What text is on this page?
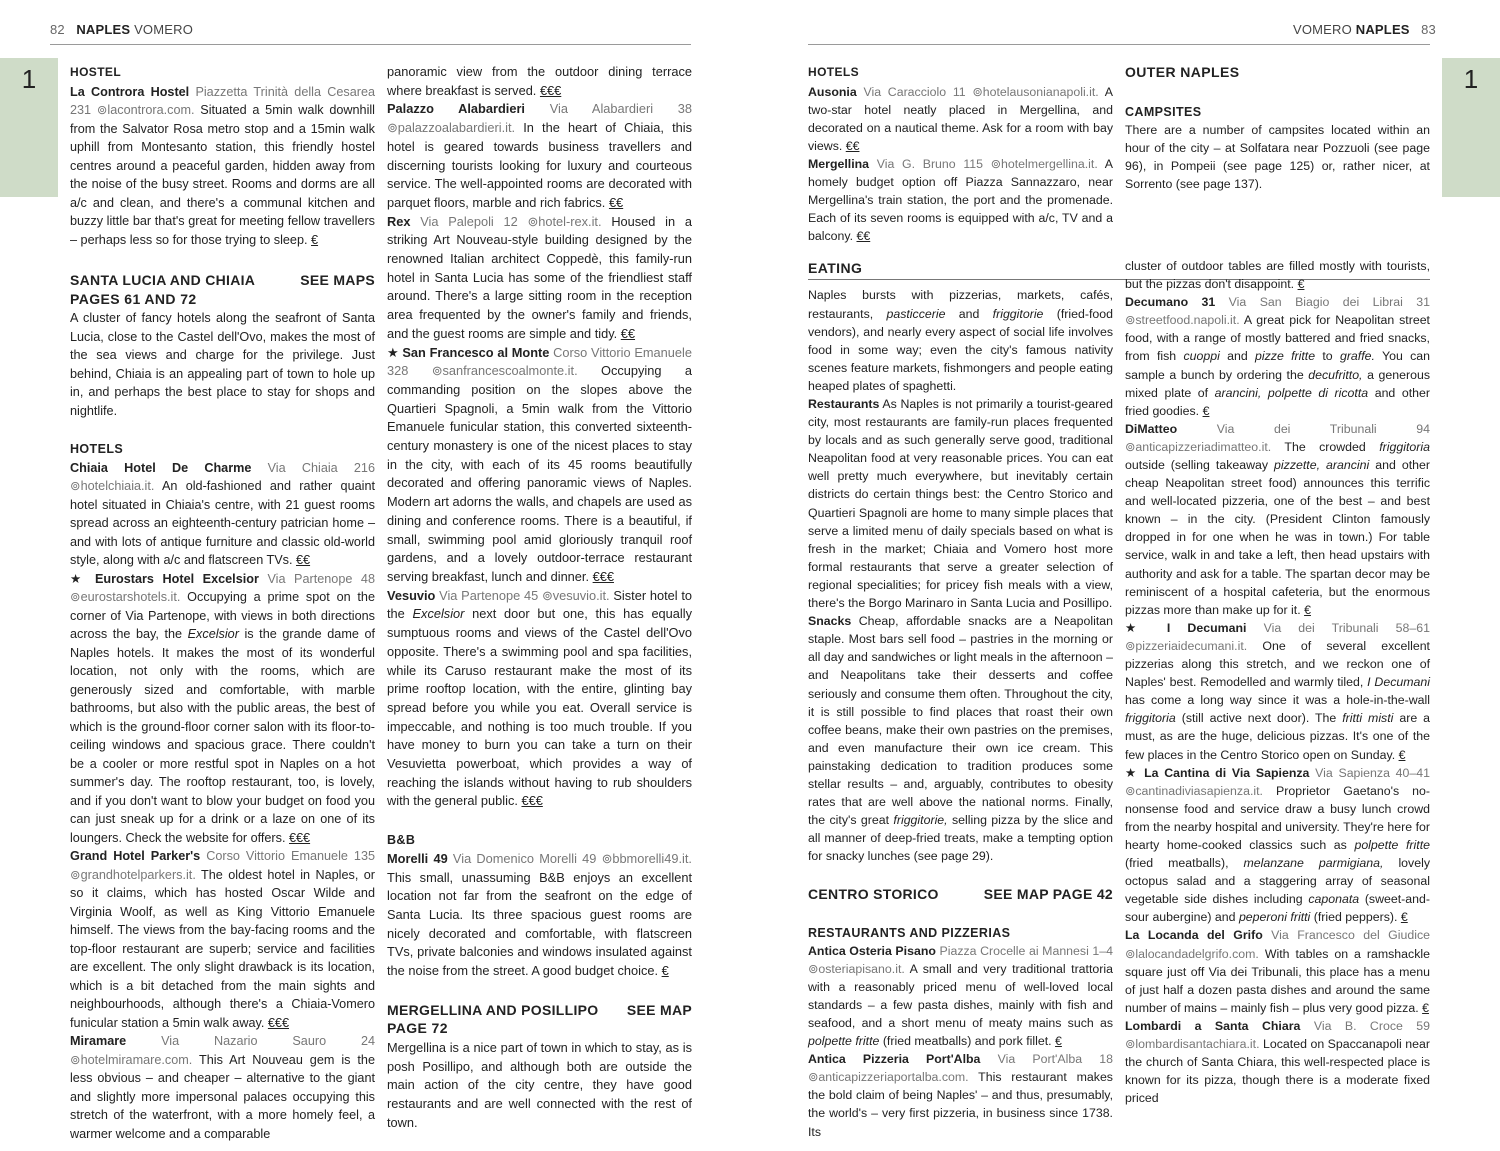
82 NAPLES VOMERO
1	HOSTEL

La Controra Hostel Piazzetta Trinità della Cesarea 231 ⊚lacontrora.com. Situated a 5min walk downhill from the Salvator Rosa metro stop and a 15min walk uphill from Montesanto station, this friendly hostel centres around a peaceful garden, hidden away from the noise of the busy street. Rooms and dorms are all a/c and clean, and there's a communal kitchen and buzzy little bar that's great for meeting fellow travellers – perhaps less so for those trying to sleep. €

SANTA LUCIA AND CHIAIA	SEE MAPS

PAGES 61 AND 72

A cluster of fancy hotels along the seafront of Santa Lucia, close to the Castel dell'Ovo, makes the most of the sea views and charge for the privilege. Just behind, Chiaia is an appealing part of town to hole up in, and perhaps the best place to stay for shops and nightlife.

HOTELS

Chiaia Hotel De Charme Via Chiaia 216 ⊚hotelchiaia.it. An old-fashioned and rather quaint hotel situated in Chiaia's centre, with 21 guest rooms spread across an eighteenth-century patrician home – and with lots of antique furniture and classic old-world style, along with a/c and flatscreen TVs. €€

★ Eurostars Hotel Excelsior Via Partenope 48 ⊚eurostarshotels.it. Occupying a prime spot on the corner of Via Partenope, with views in both directions across the bay, the Excelsior is the grande dame of Naples hotels. It makes the most of its wonderful location, not only with the rooms, which are generously sized and comfortable, with marble bathrooms, but also with the public areas, the best of which is the ground-floor corner salon with its floor-to-ceiling windows and spacious grace. There couldn't be a cooler or more restful spot in Naples on a hot summer's day. The rooftop restaurant, too, is lovely, and if you don't want to blow your budget on food you can just sneak up for a drink or a laze on one of its loungers. Check the website for offers. €€€

Grand Hotel Parker's Corso Vittorio Emanuele 135 ⊚grandhotelparkers.it. The oldest hotel in Naples, or so it claims, which has hosted Oscar Wilde and Virginia Woolf, as well as King Vittorio Emanuele himself. The views from the bay-facing rooms and the top-floor restaurant are superb; service and facilities are excellent. The only slight drawback is its location, which is a bit detached from the main sights and neighbourhoods, although there's a Chiaia-Vomero funicular station a 5min walk away. €€€

Miramare	Via Nazario Sauro 24 ⊚hotelmiramare.com. This Art Nouveau gem is the less obvious – and cheaper – alternative to the giant and slightly more impersonal palaces occupying this stretch of the waterfront, with a more homely feel, a warmer welcome and a comparable

panoramic view from the outdoor dining terrace where breakfast is served. €€€

Palazzo Alabardieri Via Alabardieri 38 ⊚palazzoalabardieri.it. In the heart of Chiaia, this hotel is geared towards business travellers and discerning tourists looking for luxury and courteous service. The well-appointed rooms are decorated with parquet floors, marble and rich fabrics. €€

Rex Via Palepoli 12 ⊚hotel-rex.it. Housed in a striking Art Nouveau-style building designed by the renowned Italian architect Coppedè, this family-run hotel in Santa Lucia has some of the friendliest staff around. There's a large sitting room in the reception area frequented by the owner's family and friends, and the guest rooms are simple and tidy. €€

★ San Francesco al Monte Corso Vittorio Emanuele 328 ⊚sanfrancescoalmonte.it. Occupying a commanding position on the slopes above the Quartieri Spagnoli, a 5min walk from the Vittorio Emanuele funicular station, this converted sixteenth-century monastery is one of the nicest places to stay in the city, with each of its 45 rooms beautifully decorated and offering panoramic views of Naples. Modern art adorns the walls, and chapels are used as dining and conference rooms. There is a beautiful, if small, swimming pool amid gloriously tranquil roof gardens, and a lovely outdoor-terrace restaurant serving breakfast, lunch and dinner. €€€

Vesuvio Via Partenope 45 ⊚vesuvio.it. Sister hotel to the Excelsior next door but one, this has equally sumptuous rooms and views of the Castel dell'Ovo opposite. There's a swimming pool and spa facilities, while its Caruso restaurant make the most of its prime rooftop location, with the entire, glinting bay spread before you while you eat. Overall service is impeccable, and nothing is too much trouble. If you have money to burn you can take a turn on their Vesuvietta powerboat, which provides a way of reaching the islands without having to rub shoulders with the general public. €€€

B&B

Morelli 49 Via Domenico Morelli 49 ⊚bbmorelli49.it. This small, unassuming B&B enjoys an excellent location not far from the seafront on the edge of Santa Lucia. Its three spacious guest rooms are nicely decorated and comfortable, with flatscreen TVs, private balconies and windows insulated against the noise from the street. A good budget choice. €

MERGELLINA AND POSILLIPO SEE MAP

PAGE 72

Mergellina is a nice part of town in which to stay, as is posh Posillipo, and although both are outside the main action of the city centre, they have good restaurants and are well connected with the rest of town.

VOMERO NAPLES 83
1

HOTELS

Ausonia Via Caracciolo 11 ⊚hotelausonianapoli.it. A two-star hotel neatly placed in Mergellina, and decorated on a nautical theme. Ask for a room with bay views. €€

Mergellina Via G. Bruno 115 ⊚hotelmergellina.it. A homely budget option off Piazza Sannazzaro, near Mergellina's train station, the port and the promenade. Each of its seven rooms is equipped with a/c, TV and a balcony. €€

EATING

Naples bursts with pizzerias, markets, cafés, restaurants, pasticcerie and friggitorie (fried-food vendors), and nearly every aspect of social life involves food in some way; even the city's famous nativity scenes feature markets, fishmongers and people eating heaped plates of spaghetti.

Restaurants As Naples is not primarily a tourist-geared city, most restaurants are family-run places frequented by locals and as such generally serve good, traditional Neapolitan food at very reasonable prices. You can eat well pretty much everywhere, but inevitably certain districts do certain things best: the Centro Storico and Quartieri Spagnoli are home to many simple places that serve a limited menu of daily specials based on what is fresh in the market; Chiaia and Vomero host more formal restaurants that serve a greater selection of regional specialities; for pricey fish meals with a view, there's the Borgo Marinaro in Santa Lucia and Posillipo.

Snacks Cheap, affordable snacks are a Neapolitan staple. Most bars sell food – pastries in the morning or all day and sandwiches or light meals in the afternoon – and Neapolitans take their desserts and coffee seriously and consume them often. Throughout the city, it is still possible to find places that roast their own coffee beans, make their own pastries on the premises, and even manufacture their own ice cream. This painstaking dedication to tradition produces some stellar results – and, arguably, contributes to obesity rates that are well above the national norms. Finally, the city's great friggitorie, selling pizza by the slice and all manner of deep-fried treats, make a tempting option for snacky lunches (see page 29).

CENTRO STORICO	SEE MAP PAGE 42

RESTAURANTS AND PIZZERIAS

Antica Osteria Pisano Piazza Crocelle ai Mannesi 1–4 ⊚osteriapisano.it. A small and very traditional trattoria with a reasonably priced menu of well-loved local standards – a few pasta dishes, mainly with fish and seafood, and a short menu of meaty mains such as polpette fritte (fried meatballs) and pork fillet. €

Antica Pizzeria Port'Alba Via Port'Alba 18 ⊚anticapizzeriaportalba.com. This restaurant makes the bold claim of being Naples' – and thus, presumably, the world's – very first pizzeria, in business since 1738. Its

OUTER NAPLES

CAMPSITES

There are a number of campsites located within an hour of the city – at Solfatara near Pozzuoli (see page 96), in Pompeii (see page 125) or, rather nicer, at Sorrento (see page 137).

cluster of outdoor tables are filled mostly with tourists, but the pizzas don't disappoint. €

Decumano 31 Via San Biagio dei Librai 31 ⊚streetfood.napoli.it. A great pick for Neapolitan street food, with a range of mostly battered and fried snacks, from fish cuoppi and pizze fritte to graffe. You can sample a bunch by ordering the decufritto, a generous mixed plate of arancini, polpette di ricotta and other fried goodies. €

DiMatteo	Via dei Tribunali 94 ⊚anticapizzeriadimatteo.it. The crowded friggitoria outside (selling takeaway pizzette, arancini and other cheap Neapolitan street food) announces this terrific and well-located pizzeria, one of the best – and best known – in the city. (President Clinton famously dropped in for one when he was in town.) For table service, walk in and take a left, then head upstairs with authority and ask for a table. The spartan decor may be reminiscent of a hospital cafeteria, but the enormous pizzas more than make up for it. €

★ I Decumani Via dei Tribunali 58–61 ⊚pizzeriaidecumani.it. One of several excellent pizzerias along this stretch, and we reckon one of Naples' best. Remodelled and warmly tiled, I Decumani has come a long way since it was a hole-in-the-wall friggitoria (still active next door). The fritti misti are a must, as are the huge, delicious pizzas. It's one of the few places in the Centro Storico open on Sunday. €

★ La Cantina di Via Sapienza Via Sapienza 40–41 ⊚cantinadiviasapienza.it. Proprietor Gaetano's no-nonsense food and service draw a busy lunch crowd from the nearby hospital and university. They're here for hearty home-cooked classics such as polpette fritte (fried meatballs), melanzane parmigiana, lovely octopus salad and a staggering array of seasonal vegetable side dishes including caponata (sweet-and-sour aubergine) and peperoni fritti (fried peppers). €

La Locanda del Grifo Via Francesco del Giudice ⊚lalocandadelgrifo.com. With tables on a ramshackle square just off Via dei Tribunali, this place has a menu of just half a dozen pasta dishes and around the same number of mains – mainly fish – plus very good pizza. €

Lombardi a Santa Chiara Via B. Croce 59 ⊚lombardisantachiara.it. Located on Spaccanapoli near the church of Santa Chiara, this well-respected place is known for its pizza, though there is a moderate fixed priced
